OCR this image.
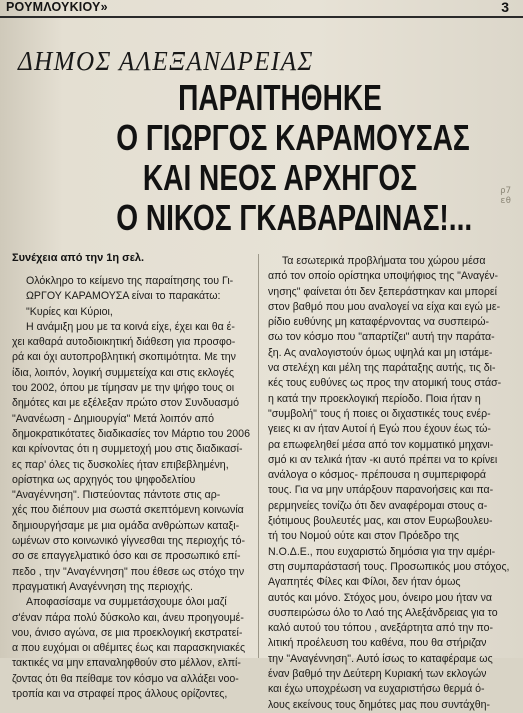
ΡΟΥΜΛΟΥΚΙΟΥ»	3
ΔΗΜΟΣ ΑΛΕΞΑΝΔΡΕΙΑΣ
ΠΑΡΑΙΤΗΘΗΚΕ
Ο ΓΙΩΡΓΟΣ ΚΑΡΑΜΟΥΣΑΣ
ΚΑΙ ΝΕΟΣ ΑΡΧΗΓΟΣ
Ο ΝΙΚΟΣ ΓΚΑΒΑΡΔΙΝΑΣ!...
ρ7
εθ
Συνέχεια από την 1η σελ.
Ολόκληρο το κείμενο της παραίτησης του Γι-
ΩΡΓΟΥ ΚΑΡΑΜΟΥΣΑ είναι το παρακάτω:
"Κυρίες και Κύριοι,
Η ανάμιξη μου με τα κοινά είχε, έχει και θα έ-
χει καθαρά αυτοδιοικητική διάθεση για προσφο-
ρά και όχι αυτοπροβλητική σκοπιμότητα. Με την
ίδια, λοιπόν, λογική συμμετείχα και στις εκλογές
του 2002, όπου με τίμησαν με την ψήφο τους οι
δημότες και με εξέλεξαν πρώτο στον Συνδυασμό
"Ανανέωση - Δημιουργία" Μετά λοιπόν από
δημοκρατικότατες διαδικασίες τον Μάρτιο του 2006
και κρίνοντας ότι η συμμετοχή μου στις διαδικασί-
ες παρ' όλες τις δυσκολίες ήταν επιβεβλημένη,
ορίστηκα ως αρχηγός του ψηφοδελτίου
"Αναγέννηση". Πιστεύοντας πάντοτε στις αρ-
χές που διέπουν μια σωστά σκεπτόμενη κοινωνία
δημιουργήσαμε με μια ομάδα ανθρώπων καταξι-
ωμένων στο κοινωνικό γίγνεσθαι της περιοχής τό-
σο σε επαγγελματικό όσο και σε προσωπικό επί-
πεδο , την "Αναγέννηση" που έθεσε ως στόχο την
πραγματική Αναγέννηση της περιοχής.
Αποφασίσαμε να συμμετάσχουμε όλοι μαζί
σ'έναν πάρα πολύ δύσκολο και, άνευ προηγουμέ-
νου, άνισο αγώνα, σε μια προεκλογική εκστρατεί-
α που ευχόμαι οι αθέμιτες έως και παρασκηνιακές
τακτικές να μην επαναληφθούν στο μέλλον, ελπί-
ζοντας ότι θα πείθαμε τον κόσμο να αλλάξει νοο-
τροπία και να στραφεί προς άλλους ορίζοντες,
Τα εσωτερικά προβλήματα του χώρου μέσα
από τον οποίο ορίστηκα υποψήφιος της "Αναγέν-
νησης" φαίνεται ότι δεν ξεπεράστηκαν και μπορεί
στον βαθμό που μου αναλογεί να είχα και εγώ με-
ρίδιο ευθύνης μη καταφέρνοντας να συσπειρώ-
σω τον κόσμο που "απαρτίζει" αυτή την παράτα-
ξη. Ας αναλογιστούν όμως υψηλά και μη ιστάμε-
να στελέχη και μέλη της παράταξης αυτής, τις δι-
κές τους ευθύνες ως προς την ατομική τους στάσ-
η κατά την προεκλογική περίοδο. Ποια ήταν η
"συμβολή" τους ή ποιες οι διχαστικές τους ενέρ-
γειες κι αν ήταν Αυτοί ή Εγώ που έχουν έως τώ-
ρα επωφεληθεί μέσα από τον κομματικό μηχανι-
σμό κι αν τελικά ήταν -κι αυτό πρέπει να το κρίνει
ανάλογα ο κόσμος- πρέπουσα η συμπεριφορά
τους. Για να μην υπάρξουν παρανοήσεις και πα-
ρερμηνείες τονίζω ότι δεν αναφέρομαι στους α-
ξιότιμους βουλευτές μας, και στον Ευρωβουλευ-
τή του Νομού ούτε και στον Πρόεδρο της
Ν.Ο.Δ.Ε., που ευχαριστώ δημόσια για την αμέρι-
στη συμπαράστασή τους. Προσωπικός μου στόχος,
Αγαπητές Φίλες και Φίλοι, δεν ήταν όμως
αυτός και μόνο. Στόχος μου, όνειρο μου ήταν να
συσπειρώσω όλο το Λαό της Αλεξάνδρειας για το
καλό αυτού του τόπου , ανεξάρτητα από την πο-
λιτική προέλευση του καθένα, που θα στήριζαν
την "Αναγέννηση". Αυτό ίσως το καταφέραμε ως
έναν βαθμό την Δεύτερη Κυριακή των εκλογών
και έχω υποχρέωση να ευχαριστήσω θερμά ό-
λους εκείνους τους δημότες μας που συντάχθη-
